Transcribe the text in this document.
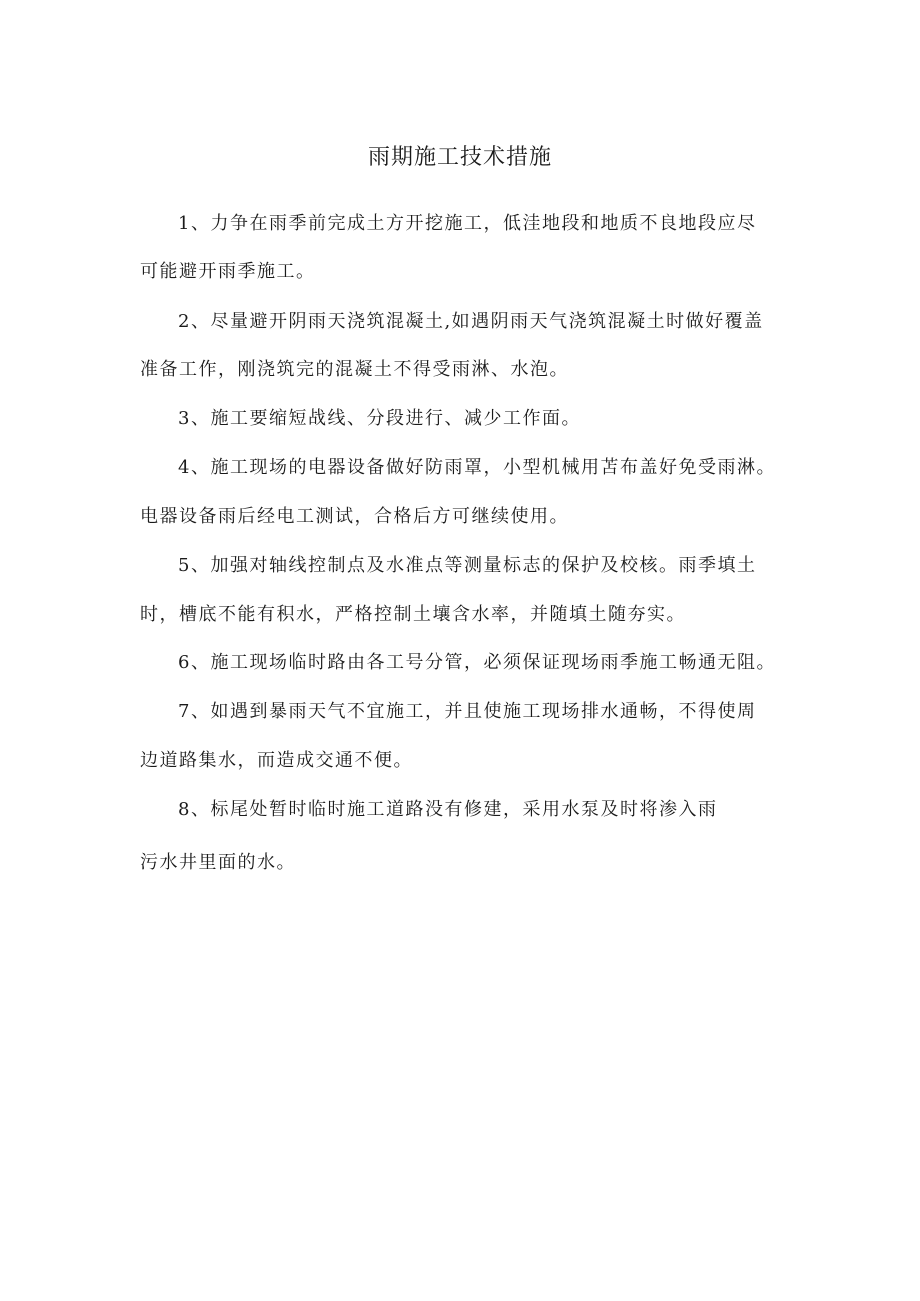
雨期施工技术措施
1、力争在雨季前完成土方开挖施工，低洼地段和地质不良地段应尽
可能避开雨季施工。
2、尽量避开阴雨天浇筑混凝土,如遇阴雨天气浇筑混凝土时做好覆盖
准备工作，刚浇筑完的混凝土不得受雨淋、水泡。
3、施工要缩短战线、分段进行、减少工作面。
4、施工现场的电器设备做好防雨罩，小型机械用苫布盖好免受雨淋。
电器设备雨后经电工测试，合格后方可继续使用。
5、加强对轴线控制点及水准点等测量标志的保护及校核。雨季填土
时，槽底不能有积水，严格控制土壤含水率，并随填土随夯实。
6、施工现场临时路由各工号分管，必须保证现场雨季施工畅通无阻。
7、如遇到暴雨天气不宜施工，并且使施工现场排水通畅，不得使周
边道路集水，而造成交通不便。
8、标尾处暂时临时施工道路没有修建，采用水泵及时将渗入雨
污水井里面的水。
